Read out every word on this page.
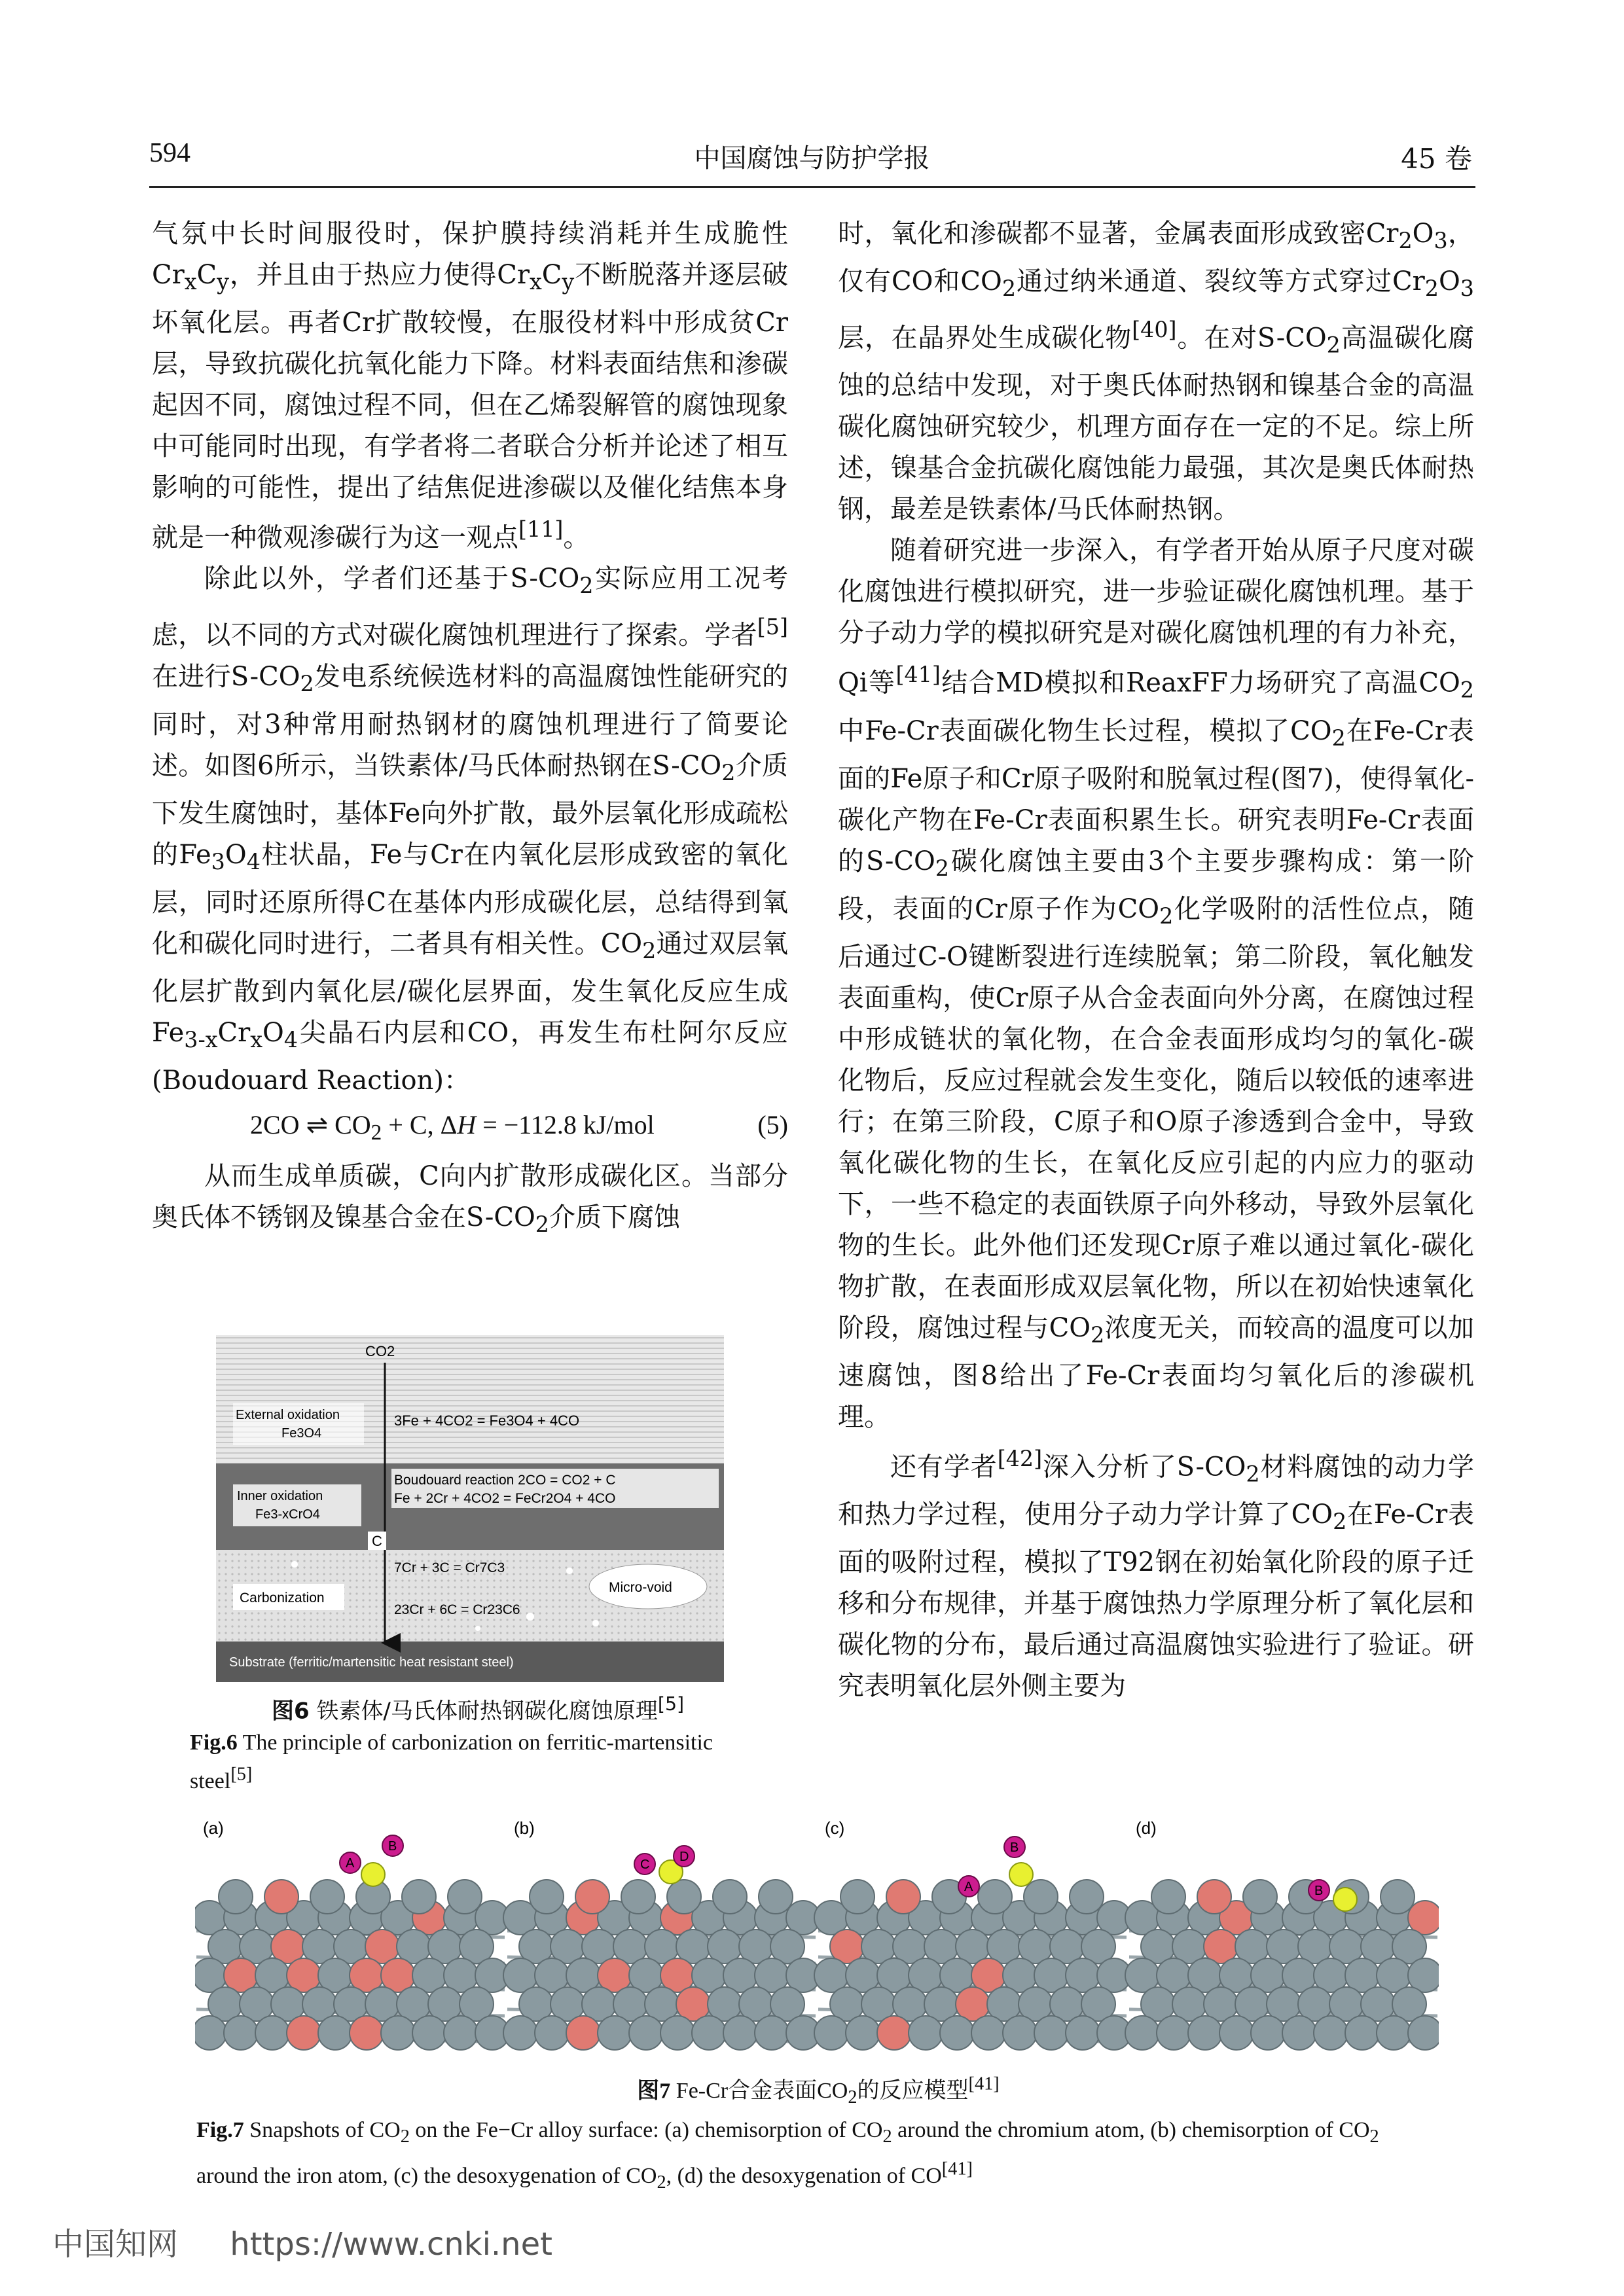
594	中国腐蚀与防护学报	45 卷

气氛中长时间服役时，保护膜持续消耗并生成脆性$Cr_xC_y$，并且由于热应力使得$Cr_xC_y$不断脱落并逐层破坏氧化层。再者Cr扩散较慢，在服役材料中形成贫Cr层，导致抗碳化抗氧化能力下降。材料表面结焦和渗碳起因不同，腐蚀过程不同，但在乙烯裂解管的腐蚀现象中可能同时出现，有学者将二者联合分析并论述了相互影响的可能性，提出了结焦促进渗碳以及催化结焦本身就是一种微观渗碳行为这一观点[11]。

除此以外，学者们还基于$S-CO_2$实际应用工况考虑，以不同的方式对碳化腐蚀机理进行了探索。学者[5]在进行$S-CO_2$发电系统候选材料的高温腐蚀性能研究的同时，对3种常用耐热钢材的腐蚀机理进行了简要论述。如图6所示，当铁素体/马氏体耐热钢在$S-CO_2$介质下发生腐蚀时，基体Fe向外扩散，最外层氧化形成疏松的$Fe_3O_4$柱状晶，Fe与Cr在内氧化层形成致密的氧化层，同时还原所得C在基体内形成碳化层，总结得到氧化和碳化同时进行，二者具有相关性。$CO_2$通过双层氧化层扩散到内氧化层/碳化层界面，发生氧化反应生成$Fe_{3-x}Cr_xO_4$尖晶石内层和CO，再发生布杜阿尔反应(Boudouard Reaction)：

2CO ⇌ $CO_2 + C$, ΔH = −112.8 kJ/mol	(5)

从而生成单质碳，C向内扩散形成碳化区。当部分奥氏体不锈钢及镍基合金在$S-CO_2$介质下腐蚀

时，氧化和渗碳都不显著，金属表面形成致密$Cr_2O_3$，仅有CO和$CO_2$通过纳米通道、裂纹等方式穿过$Cr_2O_3$层，在晶界处生成碳化物[40]。在对$S-CO_2$高温碳化腐蚀的总结中发现，对于奥氏体耐热钢和镍基合金的高温碳化腐蚀研究较少，机理方面存在一定的不足。综上所述，镍基合金抗碳化腐蚀能力最强，其次是奥氏体耐热钢，最差是铁素体/马氏体耐热钢。

随着研究进一步深入，有学者开始从原子尺度对碳化腐蚀进行模拟研究，进一步验证碳化腐蚀机理。基于分子动力学的模拟研究是对碳化腐蚀机理的有力补充，Qi等[41]结合MD模拟和ReaxFF力场研究了高温$CO_2$中Fe-Cr表面碳化物生长过程，模拟了$CO_2$在Fe-Cr表面的Fe原子和Cr原子吸附和脱氧过程(图7)，使得氧化-碳化产物在Fe-Cr表面积累生长。研究表明Fe-Cr表面的$S-CO_2$碳化腐蚀主要由3个主要步骤构成：第一阶段，表面的Cr原子作为$CO_2$化学吸附的活性位点，随后通过C-O键断裂进行连续脱氧；第二阶段，氧化触发表面重构，使Cr原子从合金表面向外分离，在腐蚀过程中形成链状的氧化物，在合金表面形成均匀的氧化-碳化物后，反应过程就会发生变化，随后以较低的速率进行；在第三阶段，C原子和O原子渗透到合金中，导致氧化碳化物的生长，在氧化反应引起的内应力的驱动下，一些不稳定的表面铁原子向外移动，导致外层氧化物的生长。此外他们还发现Cr原子难以通过氧化-碳化物扩散，在表面形成双层氧化物，所以在初始快速氧化阶段，腐蚀过程与$CO_2$浓度无关，而较高的温度可以加速腐蚀，图8给出了Fe-Cr表面均匀氧化后的渗碳机理。

还有学者[42]深入分析了$S-CO_2$材料腐蚀的动力学和热力学过程，使用分子动力学计算了$CO_2$在Fe-Cr表面的吸附过程，模拟了T92钢在初始氧化阶段的原子迁移和分布规律，并基于腐蚀热力学原理分析了氧化层和碳化物的分布，最后通过高温腐蚀实验进行了验证。研究表明氧化层外侧主要为

CO2
External oxidation
Fe3O4
3Fe + 4CO2 = Fe3O4 + 4CO
Boudouard reaction 2CO = CO2 + C
Fe + 2Cr + 4CO2 = FeCr2O4 + 4CO
Inner oxidation
Fe3-xCrO4
C
Carbonization
7Cr + 3C = Cr7C3
23Cr + 6C = Cr23C6
Micro-void
Substrate (ferritic/martensitic heat resistant steel)
图6 铁素体/马氏体耐热钢碳化腐蚀原理[5]
Fig.6 The principle of carbonization on ferritic-martensitic steel[5]
A
B
(a)
C
D
(b)
A
B
(c)
B
(d)
图7 Fe-Cr合金表面$CO_2$的反应模型[41]
Fig.7 Snapshots of $CO_2$ on the Fe−Cr alloy surface: (a) chemisorption of $CO_2$ around the chromium atom, (b) chemisorption of $CO_2$ around the iron atom, (c) the desoxygenation of $CO_2$, (d) the desoxygenation of CO[41]
中国知网 https://www.cnki.net
